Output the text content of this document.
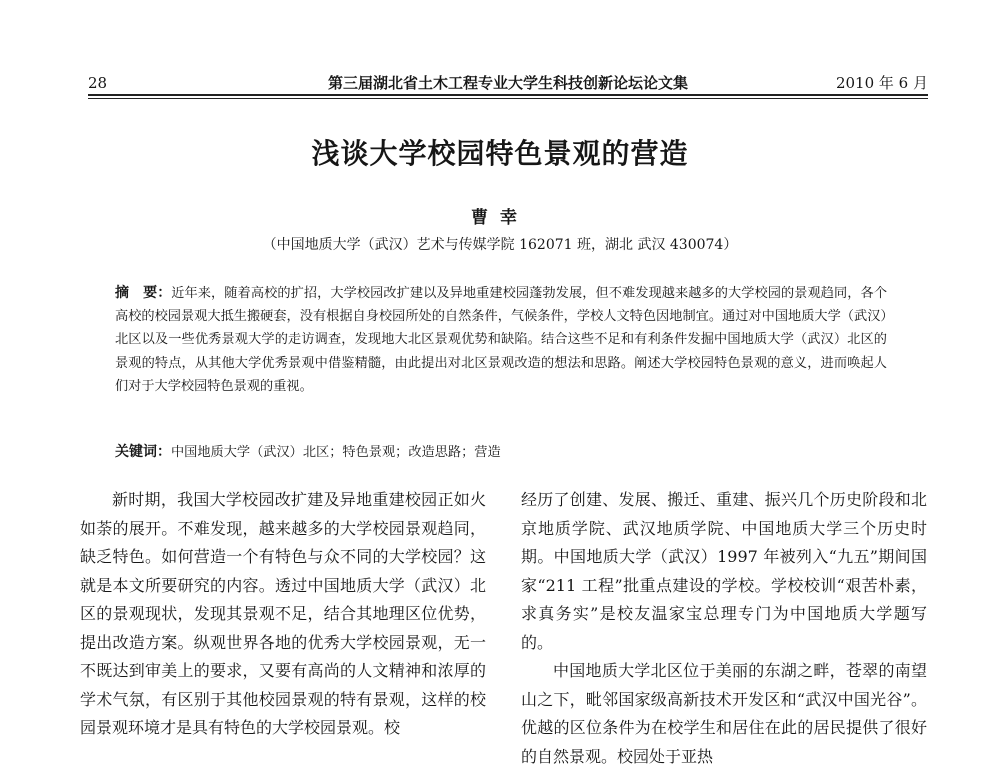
28	第三届湖北省土木工程专业大学生科技创新论坛论文集	2010 年 6 月
浅谈大学校园特色景观的营造
曹幸
（中国地质大学（武汉）艺术与传媒学院 162071 班，湖北 武汉 430074）
摘　要：近年来，随着高校的扩招，大学校园改扩建以及异地重建校园蓬勃发展，但不难发现越来越多的大学校园的景观趋同，各个高校的校园景观大抵生搬硬套，没有根据自身校园所处的自然条件，气候条件，学校人文特色因地制宜。通过对中国地质大学（武汉）北区以及一些优秀景观大学的走访调查，发现地大北区景观优势和缺陷。结合这些不足和有利条件发掘中国地质大学（武汉）北区的景观的特点，从其他大学优秀景观中借鉴精髓，由此提出对北区景观改造的想法和思路。阐述大学校园特色景观的意义，进而唤起人们对于大学校园特色景观的重视。
关键词：中国地质大学（武汉）北区；特色景观；改造思路；营造

新时期，我国大学校园改扩建及异地重建校园正如火如荼的展开。不难发现，越来越多的大学校园景观趋同，缺乏特色。如何营造一个有特色与众不同的大学校园？这就是本文所要研究的内容。透过中国地质大学（武汉）北区的景观现状，发现其景观不足，结合其地理区位优势，提出改造方案。纵观世界各地的优秀大学校园景观，无一不既达到审美上的要求，又要有高尚的人文精神和浓厚的学术气氛，有区别于其他校园景观的特有景观，这样的校园景观环境才是具有特色的大学校园景观。校

经历了创建、发展、搬迁、重建、振兴几个历史阶段和北京地质学院、武汉地质学院、中国地质大学三个历史时期。中国地质大学（武汉）1997 年被列入“九五”期间国家“211 工程”批重点建设的学校。学校校训“艰苦朴素，求真务实”是校友温家宝总理专门为中国地质大学题写的。

中国地质大学北区位于美丽的东湖之畔，苍翠的南望山之下，毗邻国家级高新技术开发区和“武汉中国光谷”。优越的区位条件为在校学生和居住在此的居民提供了很好的自然景观。校园处于亚热
